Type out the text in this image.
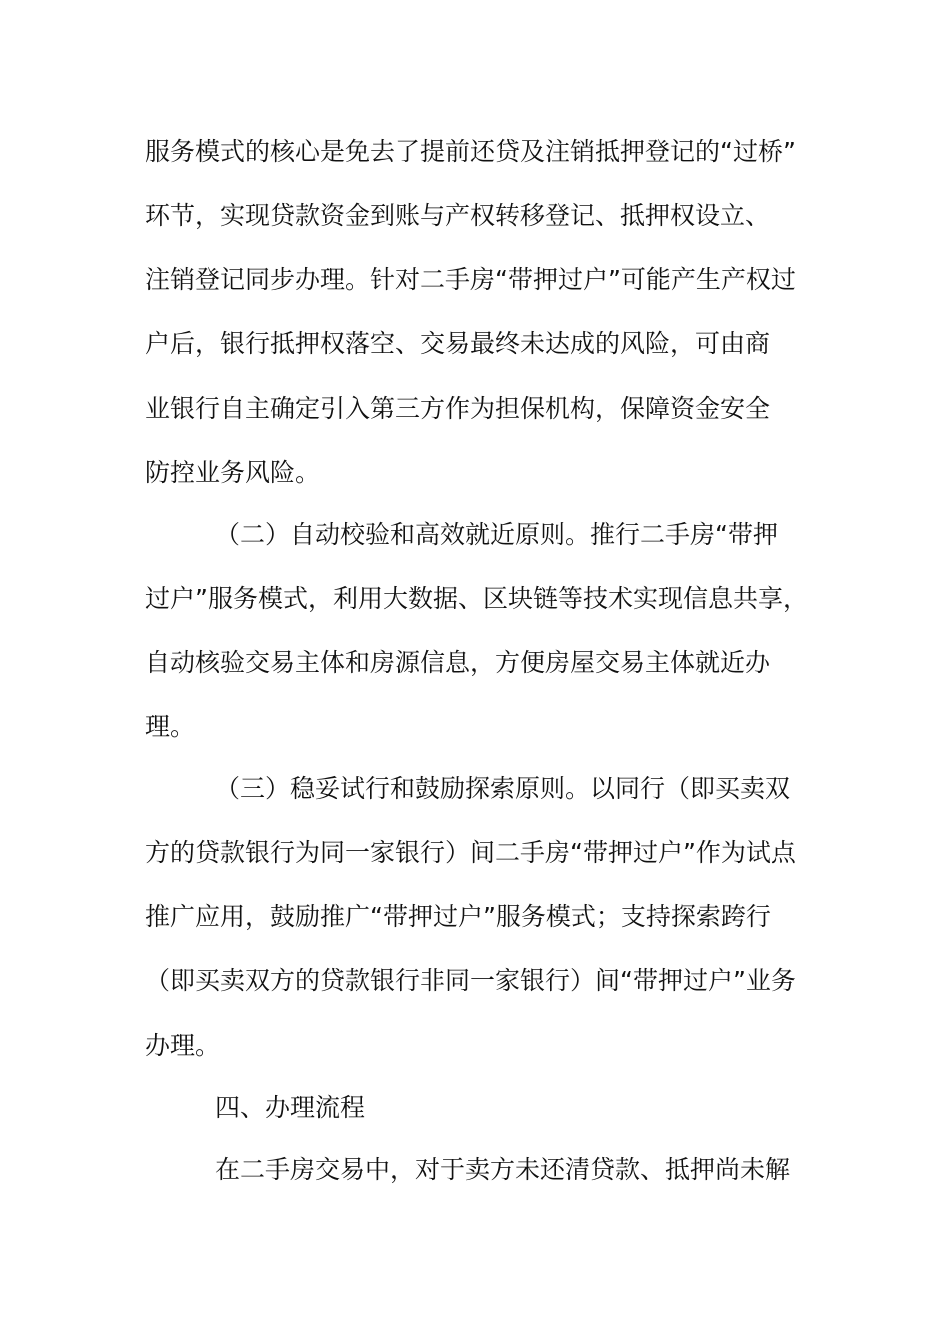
服务模式的核心是免去了提前还贷及注销抵押登记的“过桥”

环节，实现贷款资金到账与产权转移登记、抵押权设立、

注销登记同步办理。针对二手房“带押过户”可能产生产权过

户后，银行抵押权落空、交易最终未达成的风险，可由商

业银行自主确定引入第三方作为担保机构，保障资金安全

防控业务风险。

（二）自动校验和高效就近原则。推行二手房“带押

过户”服务模式，利用大数据、区块链等技术实现信息共享，

自动核验交易主体和房源信息，方便房屋交易主体就近办

理。

（三）稳妥试行和鼓励探索原则。以同行（即买卖双

方的贷款银行为同一家银行）间二手房“带押过户”作为试点

推广应用，鼓励推广“带押过户”服务模式；支持探索跨行

（即买卖双方的贷款银行非同一家银行）间“带押过户”业务

办理。

四、办理流程

在二手房交易中，对于卖方未还清贷款、抵押尚未解
